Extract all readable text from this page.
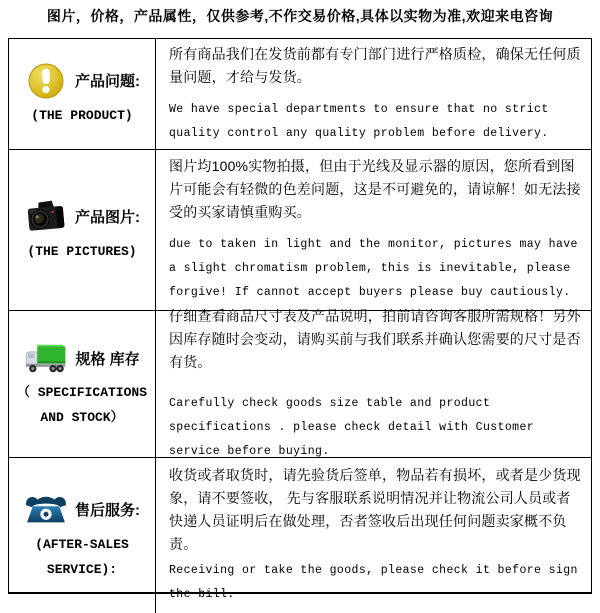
图片，价格，产品属性，仅供参考,不作交易价格,具体以实物为准,欢迎来电咨询
产品问题:
(THE PRODUCT)

所有商品我们在发货前都有专门部门进行严格质检，确保无任何质量问题，才给与发货。

We have special departments to ensure that no strict quality control any quality problem before delivery.

产品图片:
(THE PICTURES)

图片均100%实物拍摄，但由于光线及显示器的原因，您所看到图片可能会有轻微的色差问题，这是不可避免的，请谅解！如无法接受的买家请慎重购买。

due to taken in light and the monitor, pictures may have a slight chromatism problem, this is inevitable, please forgive! If cannot accept buyers please buy cautiously.

规格 库存
（ SPECIFICATIONS AND STOCK）

仔细查看商品尺寸表及产品说明，拍前请咨询客服所需规格！另外因库存随时会变动，请购买前与我们联系并确认您需要的尺寸是否有货。

Carefully check goods size table and product specifications . please check detail with Customer service before buying.

售后服务:
(AFTER-SALES SERVICE):

收货或者取货时，请先验货后签单，物品若有损坏，或者是少货现象，请不要签收， 先与客服联系说明情况并让物流公司人员或者快递人员证明后在做处理，否者签收后出现任何问题卖家概不负责。

Receiving or take the goods, please check it before sign the bill.
